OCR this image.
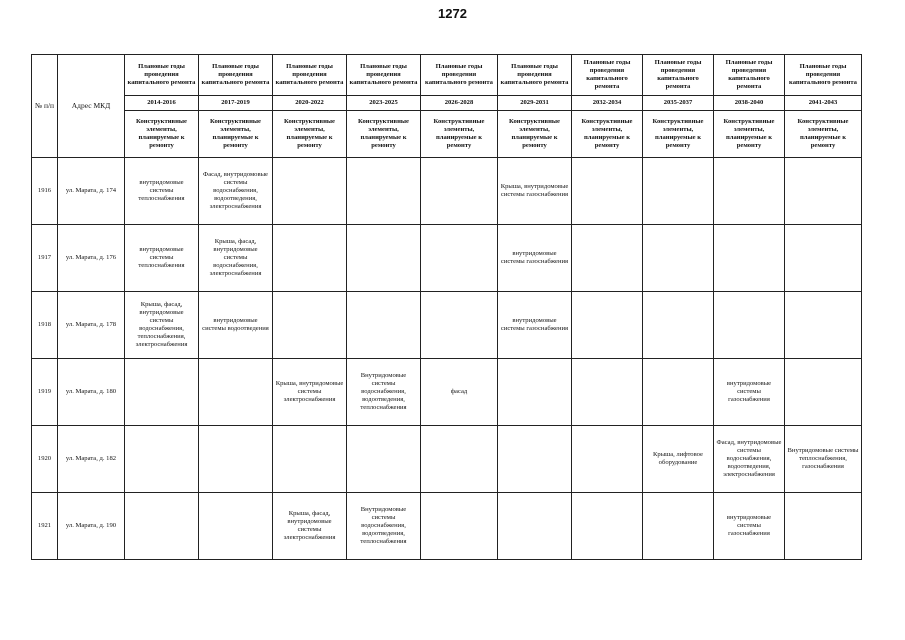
1272
№ п/п	Адрес МКД	Плановые годы проведения капитального ремонта	Плановые годы проведения капитального ремонта	Плановые годы проведения капитального ремонта	Плановые годы проведения капитального ремонта	Плановые годы проведения капитального ремонта	Плановые годы проведения капитального ремонта	Плановые годы проведения капитального ремонта	Плановые годы проведения капитального ремонта	Плановые годы проведения капитального ремонта	Плановые годы проведения капитального ремонта
		2014-2016	2017-2019	2020-2022	2023-2025	2026-2028	2029-2031	2032-2034	2035-2037	2038-2040	2041-2043
		Конструктивные элементы, планируемые к ремонту	Конструктивные элементы, планируемые к ремонту	Конструктивные элементы, планируемые к ремонту	Конструктивные элементы, планируемые к ремонту	Конструктивные элементы, планируемые к ремонту	Конструктивные элементы, планируемые к ремонту	Конструктивные элементы, планируемые к ремонту	Конструктивные элементы, планируемые к ремонту	Конструктивные элементы, планируемые к ремонту	Конструктивные элементы, планируемые к ремонту
1916	ул. Марата, д. 174	внутридомовые системы теплоснабжения	Фасад, внутридомовые системы водоснабжения, водоотведения, электроснабжения				Крыша, внутридомовые системы газоснабжения				
1917	ул. Марата, д. 176	внутридомовые системы теплоснабжения	Крыша, фасад, внутридомовые системы водоснабжения, электроснабжения				внутридомовые системы газоснабжения				
1918	ул. Марата, д. 178	Крыша, фасад, внутридомовые системы водоснабжения, теплоснабжения, электроснабжения	внутридомовые системы водоотведения				внутридомовые системы газоснабжения				
1919	ул. Марата, д. 180			Крыша, внутридомовые системы электроснабжения	Внутридомовые системы водоснабжения, водоотведения, теплоснабжения	фасад				внутридомовые системы газоснабжения	
1920	ул. Марата, д. 182								Крыша, лифтовое оборудование	Фасад, внутридомовые системы водоснабжения, водоотведения, электроснабжения	Внутридомовые системы теплоснабжения, газоснабжения
1921	ул. Марата, д. 190			Крыша, фасад, внутридомовые системы электроснабжения	Внутридомовые системы водоснабжения, водоотведения, теплоснабжения					внутридомовые системы газоснабжения	
